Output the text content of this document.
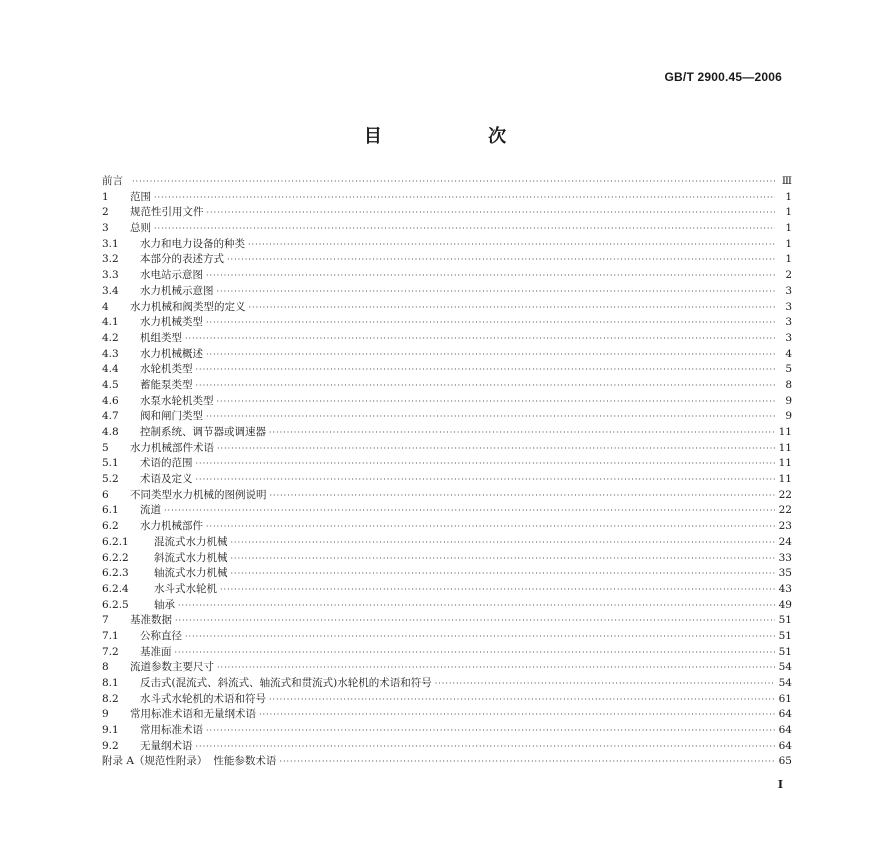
GB/T 2900.45—2006
目 次
前言 ·····	Ⅲ
1	范围 ·····	1
2	规范性引用文件 ·····	1
3	总则 ·····	1
3.1	水力和电力设备的种类 ·····	1
3.2	本部分的表述方式 ·····	1
3.3	水电站示意图 ·····	2
3.4	水力机械示意图 ·····	3
4	水力机械和阀类型的定义 ·····	3
4.1	水力机械类型 ·····	3
4.2	机组类型 ·····	3
4.3	水力机械概述 ·····	4
4.4	水轮机类型 ·····	5
4.5	蓄能泵类型 ·····	8
4.6	水泵水轮机类型 ·····	9
4.7	阀和闸门类型 ·····	9
4.8	控制系统、调节器或调速器 ·····	11
5	水力机械部件术语 ·····	11
5.1	术语的范围 ·····	11
5.2	术语及定义 ·····	11
6	不同类型水力机械的图例说明 ·····	22
6.1	流道 ·····	22
6.2	水力机械部件 ·····	23
6.2.1	混流式水力机械 ·····	24
6.2.2	斜流式水力机械 ·····	33
6.2.3	轴流式水力机械 ·····	35
6.2.4	水斗式水轮机 ·····	43
6.2.5	轴承 ·····	49
7	基准数据 ·····	51
7.1	公称直径 ·····	51
7.2	基准面 ·····	51
8	流道参数主要尺寸 ·····	54
8.1	反击式(混流式、斜流式、轴流式和贯流式)水轮机的术语和符号 ·····	54
8.2	水斗式水轮机的术语和符号 ·····	61
9	常用标准术语和无量纲术语 ·····	64
9.1	常用标准术语 ·····	64
9.2	无量纲术语 ·····	64
附录 A（规范性附录） 性能参数术语 ·····	65
Ⅰ
